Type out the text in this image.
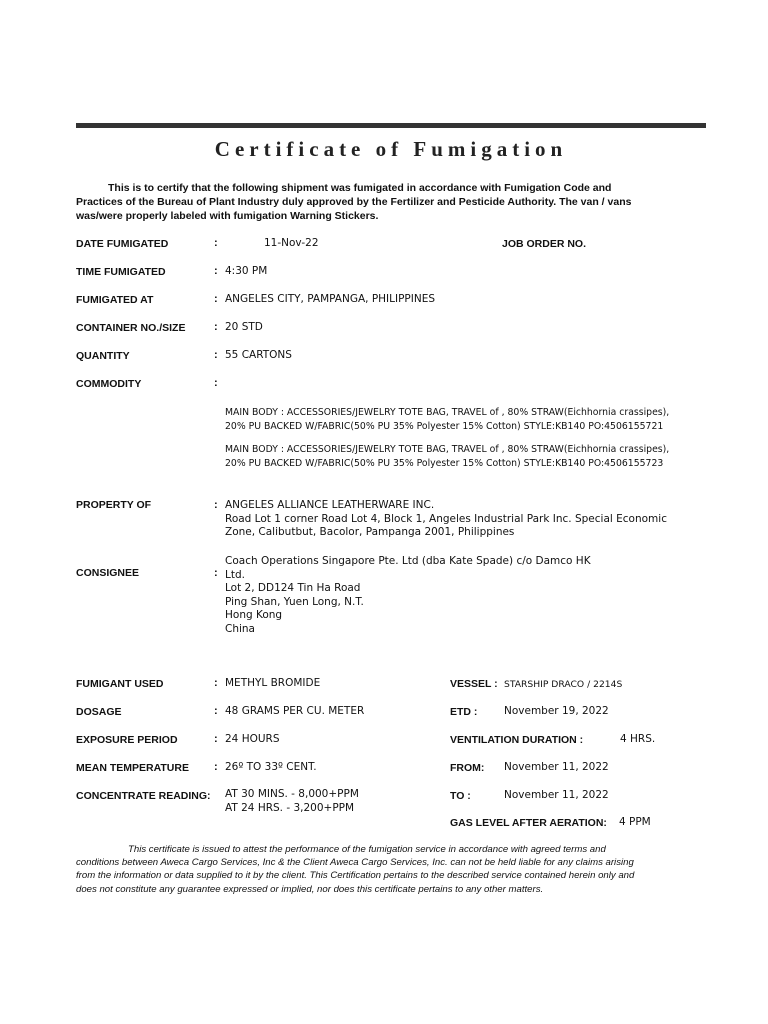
Certificate of Fumigation
This is to certify that the following shipment was fumigated in accordance with Fumigation Code and Practices of the Bureau of Plant Industry duly approved by the Fertilizer and Pesticide Authority. The van / vans was/were properly labeled with fumigation Warning Stickers.
DATE FUMIGATED	:	11-Nov-22	JOB ORDER NO.
TIME FUMIGATED	: 4:30 PM
FUMIGATED AT	: ANGELES CITY, PAMPANGA, PHILIPPINES
CONTAINER NO./SIZE	: 20 STD
QUANTITY	: 55 CARTONS
COMMODITY	:
MAIN BODY : ACCESSORIES/JEWELRY TOTE BAG, TRAVEL of , 80% STRAW(Eichhornia crassipes),
20% PU BACKED W/FABRIC(50% PU 35% Polyester 15% Cotton) STYLE:KB140 PO:4506155721
MAIN BODY : ACCESSORIES/JEWELRY TOTE BAG, TRAVEL of , 80% STRAW(Eichhornia crassipes),
20% PU BACKED W/FABRIC(50% PU 35% Polyester 15% Cotton) STYLE:KB140 PO:4506155723
PROPERTY OF	: ANGELES ALLIANCE LEATHERWARE INC.
Road Lot 1 corner Road Lot 4, Block 1, Angeles Industrial Park Inc. Special Economic
Zone, Calibutbut, Bacolor, Pampanga 2001, Philippines
CONSIGNEE	:
Coach Operations Singapore Pte. Ltd (dba Kate Spade) c/o Damco HK
Ltd.
Lot 2, DD124 Tin Ha Road
Ping Shan, Yuen Long, N.T.
Hong Kong
China
FUMIGANT USED	: METHYL BROMIDE	VESSEL : STARSHIP DRACO / 2214S
DOSAGE	: 48 GRAMS PER CU. METER	ETD :	November 19, 2022
EXPOSURE PERIOD	: 24 HOURS	VENTILATION DURATION :	4 HRS.
MEAN TEMPERATURE : 26º TO 33º CENT.	FROM: November 11, 2022
CONCENTRATE READING: AT 30 MINS. - 8,000+PPM
AT 24 HRS. - 3,200+PPM
TO :	November 11, 2022
GAS LEVEL AFTER AERATION: 4 PPM
This certificate is issued to attest the performance of the fumigation service in accordance with agreed terms and conditions between Aweca Cargo Services, Inc & the Client Aweca Cargo Services, Inc. can not be held liable for any claims arising from the information or data supplied to it by the client. This Certification pertains to the described service contained herein only and does not constitute any guarantee expressed or implied, nor does this certificate pertains to any other matters.
